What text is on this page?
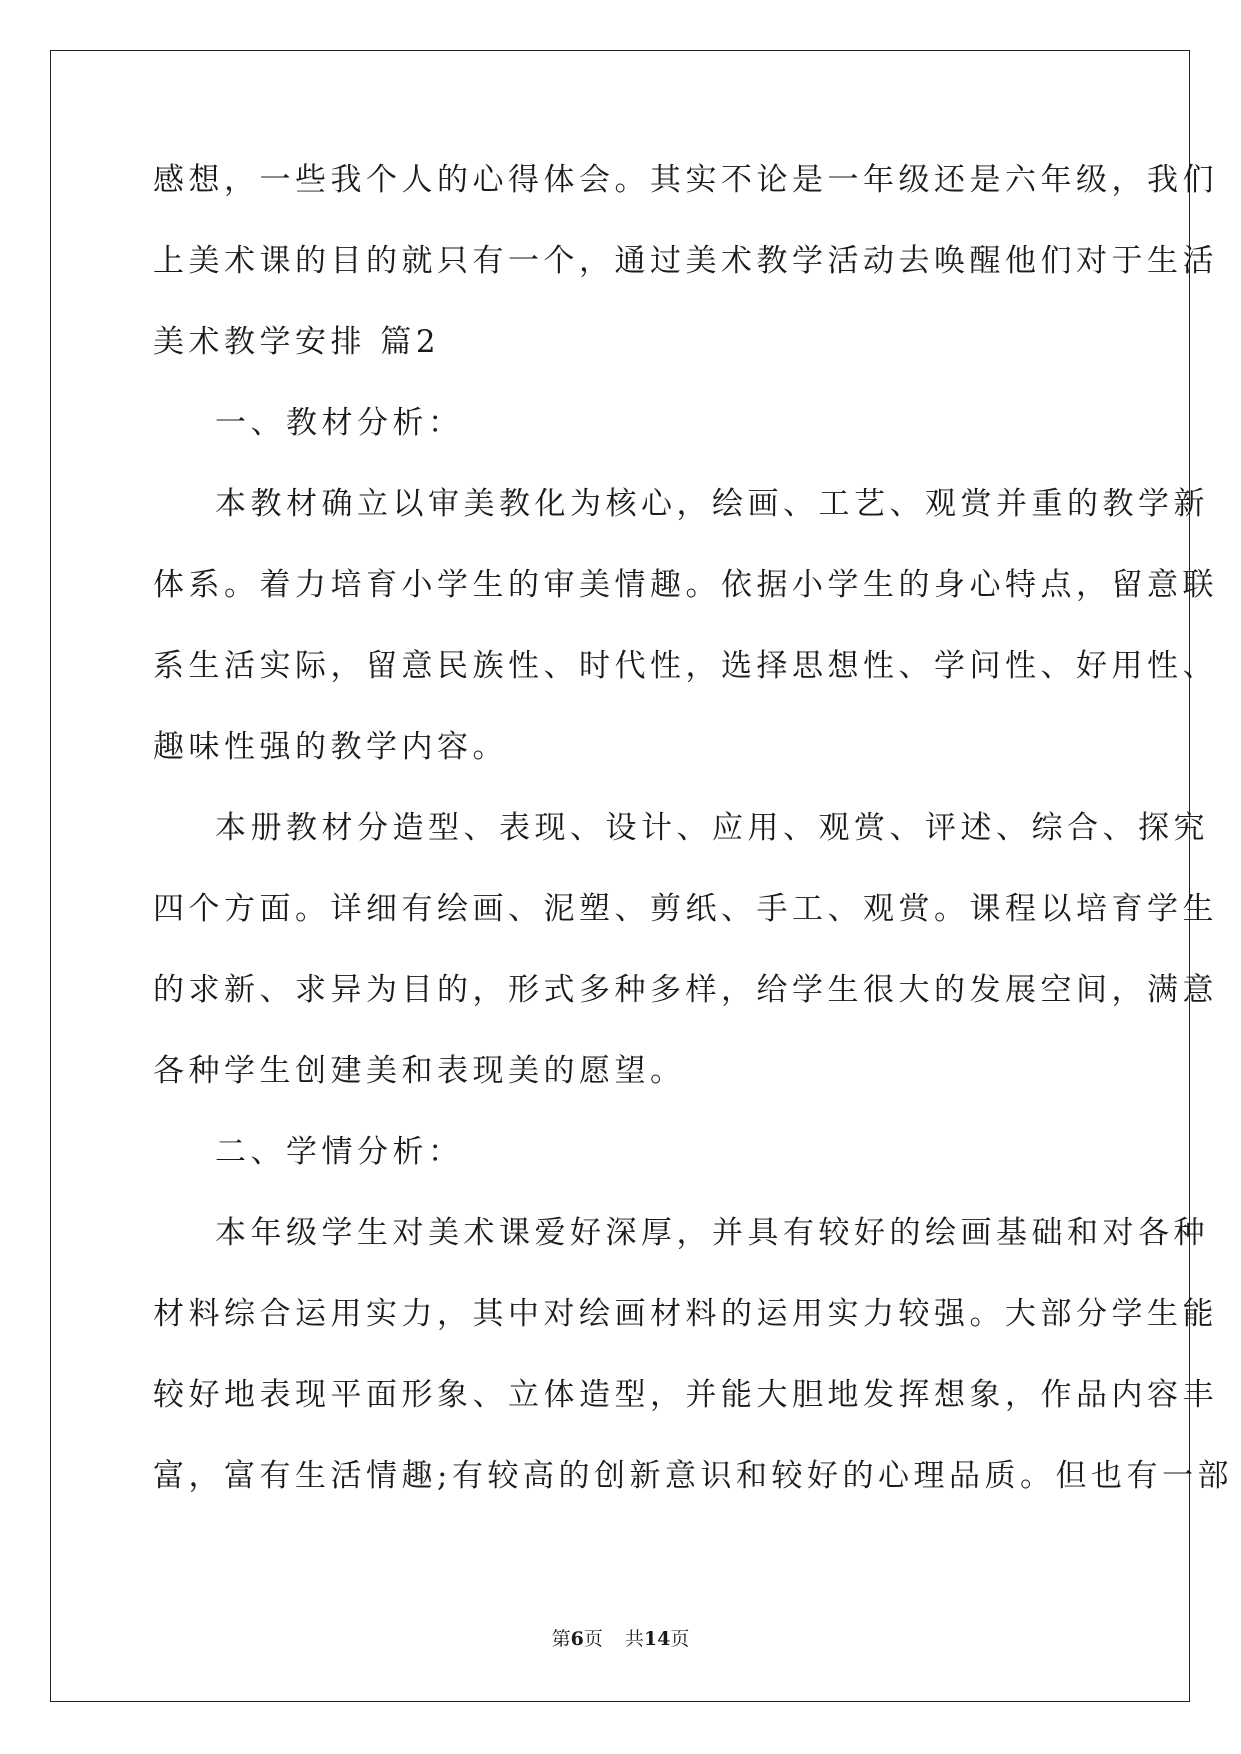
感想，一些我个人的心得体会。其实不论是一年级还是六年级，我们
上美术课的目的就只有一个，通过美术教学活动去唤醒他们对于生活
美术教学安排 篇2
一、教材分析：
本教材确立以审美教化为核心，绘画、工艺、观赏并重的教学新
体系。着力培育小学生的审美情趣。依据小学生的身心特点，留意联
系生活实际，留意民族性、时代性，选择思想性、学问性、好用性、
趣味性强的教学内容。
本册教材分造型、表现、设计、应用、观赏、评述、综合、探究
四个方面。详细有绘画、泥塑、剪纸、手工、观赏。课程以培育学生
的求新、求异为目的，形式多种多样，给学生很大的发展空间，满意
各种学生创建美和表现美的愿望。
二、学情分析：
本年级学生对美术课爱好深厚，并具有较好的绘画基础和对各种
材料综合运用实力，其中对绘画材料的运用实力较强。大部分学生能
较好地表现平面形象、立体造型，并能大胆地发挥想象，作品内容丰
富，富有生活情趣;有较高的创新意识和较好的心理品质。但也有一部
第6页 共14页
